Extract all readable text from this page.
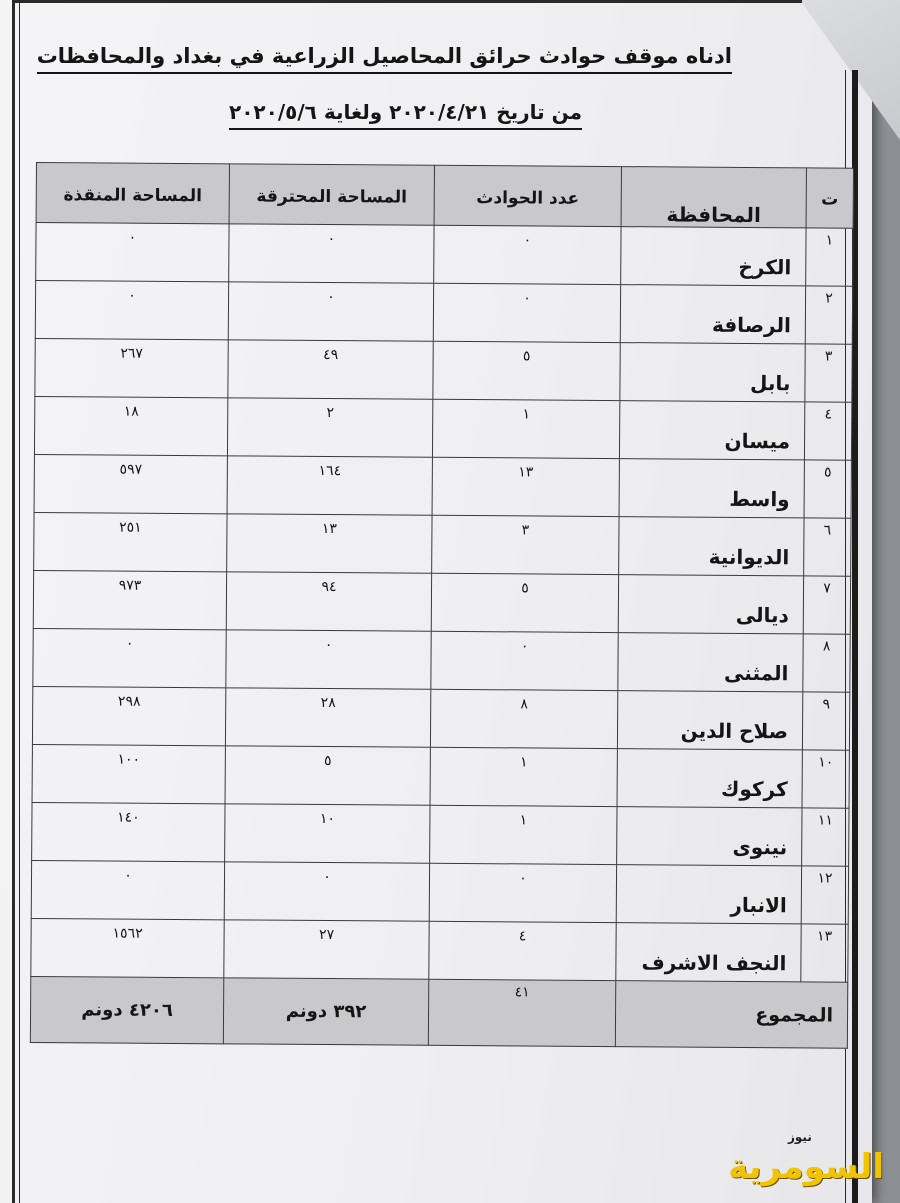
ادناه موقف حوادث حرائق المحاصيل الزراعية في بغداد والمحافظات
من تاريخ ٢٠٢٠/٤/٢١ ولغاية ٢٠٢٠/٥/٦
ت	المحافظة	عدد الحوادث	المساحة المحترقة	المساحة المنقذة
١	الكرخ	٠	٠	٠
٢	الرصافة	٠	٠	٠
٣	بابل	٥	٤٩	٢٦٧
٤	ميسان	١	٢	١٨
٥	واسط	١٣	١٦٤	٥٩٧
٦	الديوانية	٣	١٣	٢٥١
٧	ديالى	٥	٩٤	٩٧٣
٨	المثنى	٠	٠	٠
٩	صلاح الدين	٨	٢٨	٢٩٨
١٠	كركوك	١	٥	١٠٠
١١	نينوى	١	١٠	١٤٠
١٢	الانبار	٠	٠	٠
١٣	النجف الاشرف	٤	٢٧	١٥٦٢
المجموع		٤١	٣٩٢ دونم	٤٢٠٦ دونم
نيوز
السومرية
